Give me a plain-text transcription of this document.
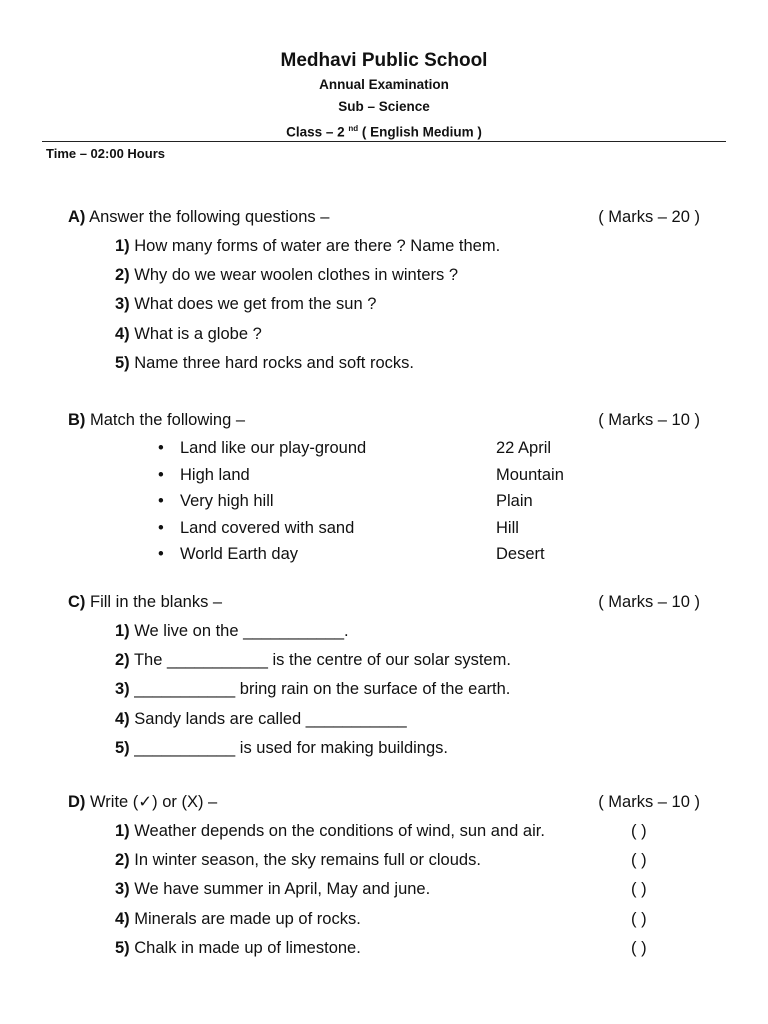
Medhavi Public School
Annual Examination
Sub – Science
Class – 2 $^{nd}$ ( English Medium )
Time – 02:00 Hours
A) Answer the following questions –	( Marks – 20 )
1) How many forms of water are there ? Name them.
2) Why do we wear woolen clothes in winters ?
3) What does we get from the sun ?
4) What is a globe ?
5) Name three hard rocks and soft rocks.
B) Match the following –	( Marks – 10 )
• Land like our play-ground	22 April
• High land	Mountain
• Very high hill	Plain
• Land covered with sand	Hill
• World Earth day	Desert
C) Fill in the blanks –	( Marks – 10 )
1) We live on the ___________.
2) The ___________ is the centre of our solar system.
3) ___________ bring rain on the surface of the earth.
4) Sandy lands are called ___________
5) ___________ is used for making buildings.
D) Write (✓) or (X) –	( Marks – 10 )
1) Weather depends on the conditions of wind, sun and air.	( )
2) In winter season, the sky remains full or clouds.	( )
3) We have summer in April, May and june.	( )
4) Minerals are made up of rocks.	( )
5) Chalk in made up of limestone.	( )
